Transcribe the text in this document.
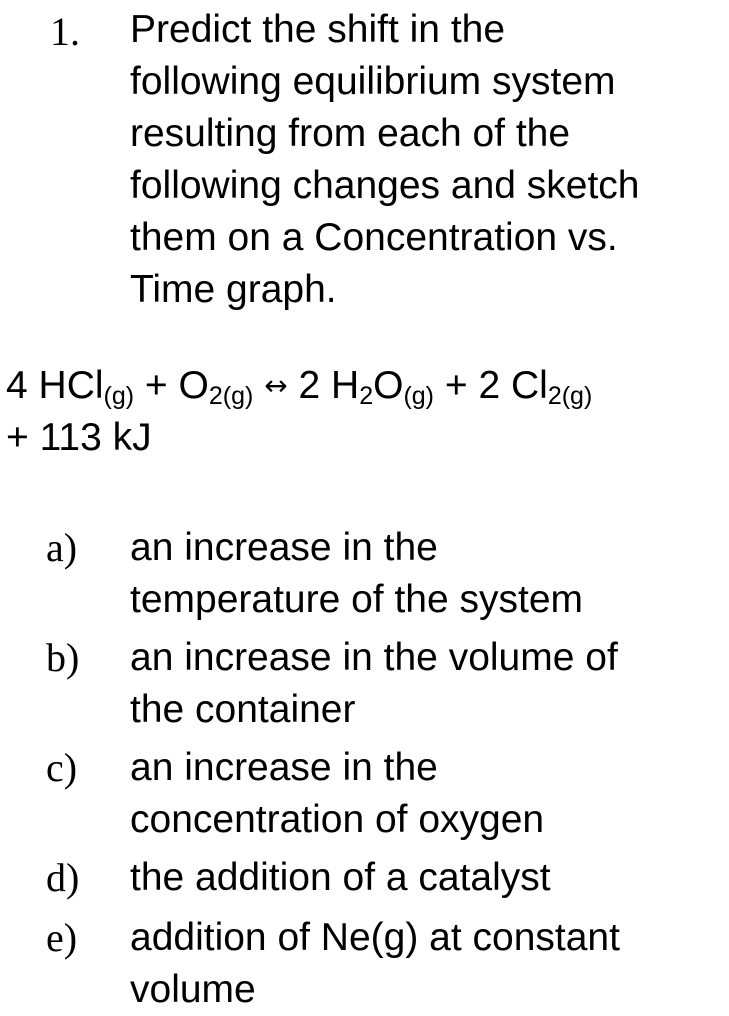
1. Predict the shift in the
following equilibrium system
resulting from each of the
following changes and sketch
them on a Concentration vs.
Time graph.
4 HCl(g) + O2(g) ↔ 2 H2O(g) + 2 Cl2(g)
+ 113 kJ
a) an increase in the
temperature of the system
b) an increase in the volume of
the container
c) an increase in the
concentration of oxygen
d) the addition of a catalyst
e) addition of Ne(g) at constant
volume
